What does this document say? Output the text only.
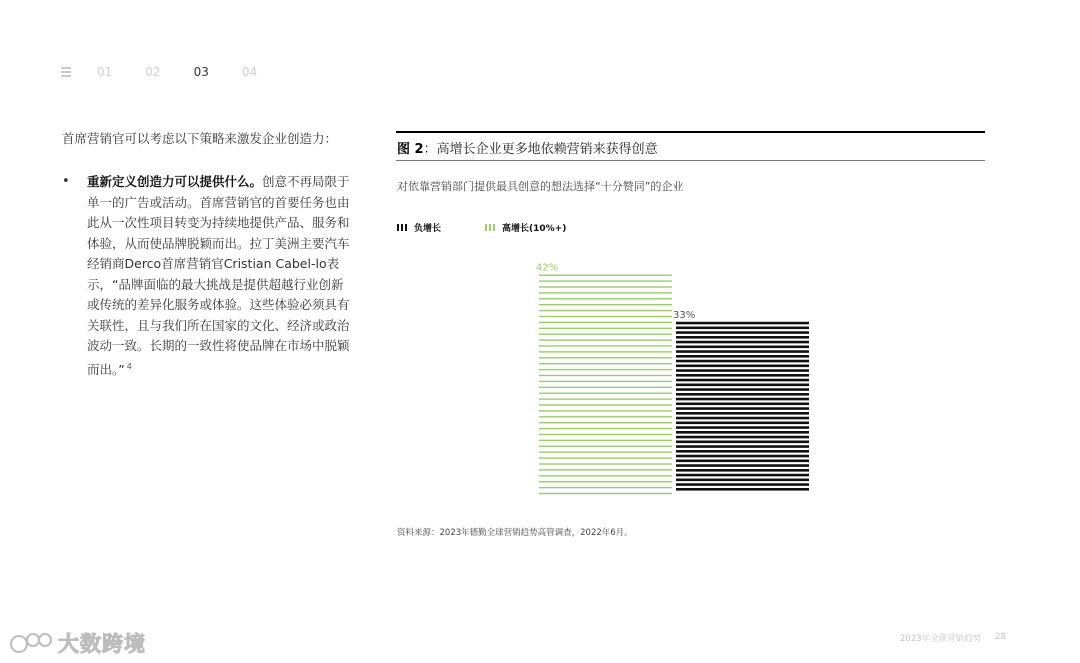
01	02	03	04
首席营销官可以考虑以下策略来激发企业创造力：
• 重新定义创造力可以提供什么。创意不再局限于单一的广告或活动。首席营销官的首要任务也由此从一次性项目转变为持续地提供产品、服务和体验，从而使品牌脱颖而出。拉丁美洲主要汽车经销商Derco首席营销官Cristian Cabel-lo表示，“品牌面临的最大挑战是提供超越行业创新或传统的差异化服务或体验。这些体验必须具有关联性，且与我们所在国家的文化、经济或政治波动一致。长期的一致性将使品牌在市场中脱颖而出。” $^4$
图 2：高增长企业更多地依赖营销来获得创意
对依靠营销部门提供最具创意的想法选择“十分赞同”的企业
负增长	高增长(10%+)
42%
33%
资料来源：2023年德勤全球营销趋势高管调查，2022年6月。
2023年全球营销趋势 28
大数跨境
